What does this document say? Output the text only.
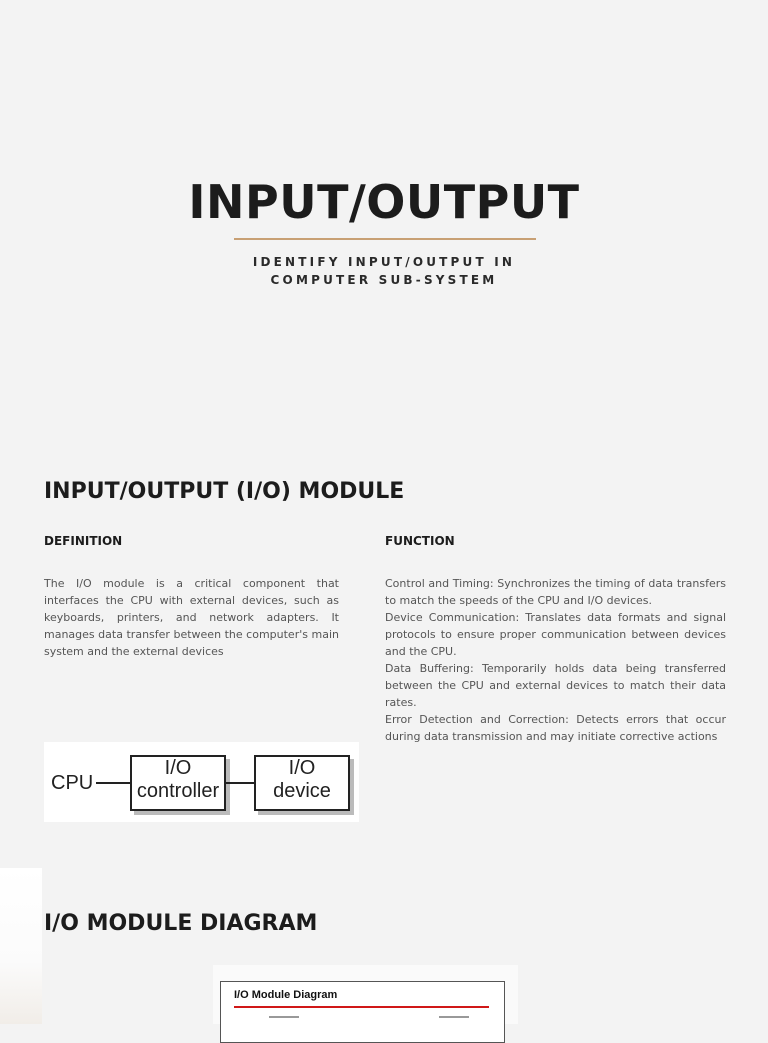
INPUT/OUTPUT
IDENTIFY INPUT/OUTPUT IN
COMPUTER SUB-SYSTEM
INPUT/OUTPUT (I/O) MODULE
DEFINITION	FUNCTION
The I/O module is a critical component that interfaces the CPU with external devices, such as keyboards, printers, and network adapters. It manages data transfer between the computer's main system and the external devices
Control and Timing: Synchronizes the timing of data transfers to match the speeds of the CPU and I/O devices.
Device Communication: Translates data formats and signal protocols to ensure proper communication between devices and the CPU.
Data Buffering: Temporarily holds data being transferred between the CPU and external devices to match their data rates.
Error Detection and Correction: Detects errors that occur during data transmission and may initiate corrective actions
CPU
I/O
controller
I/O
device
I/O MODULE DIAGRAM
I/O Module Diagram
